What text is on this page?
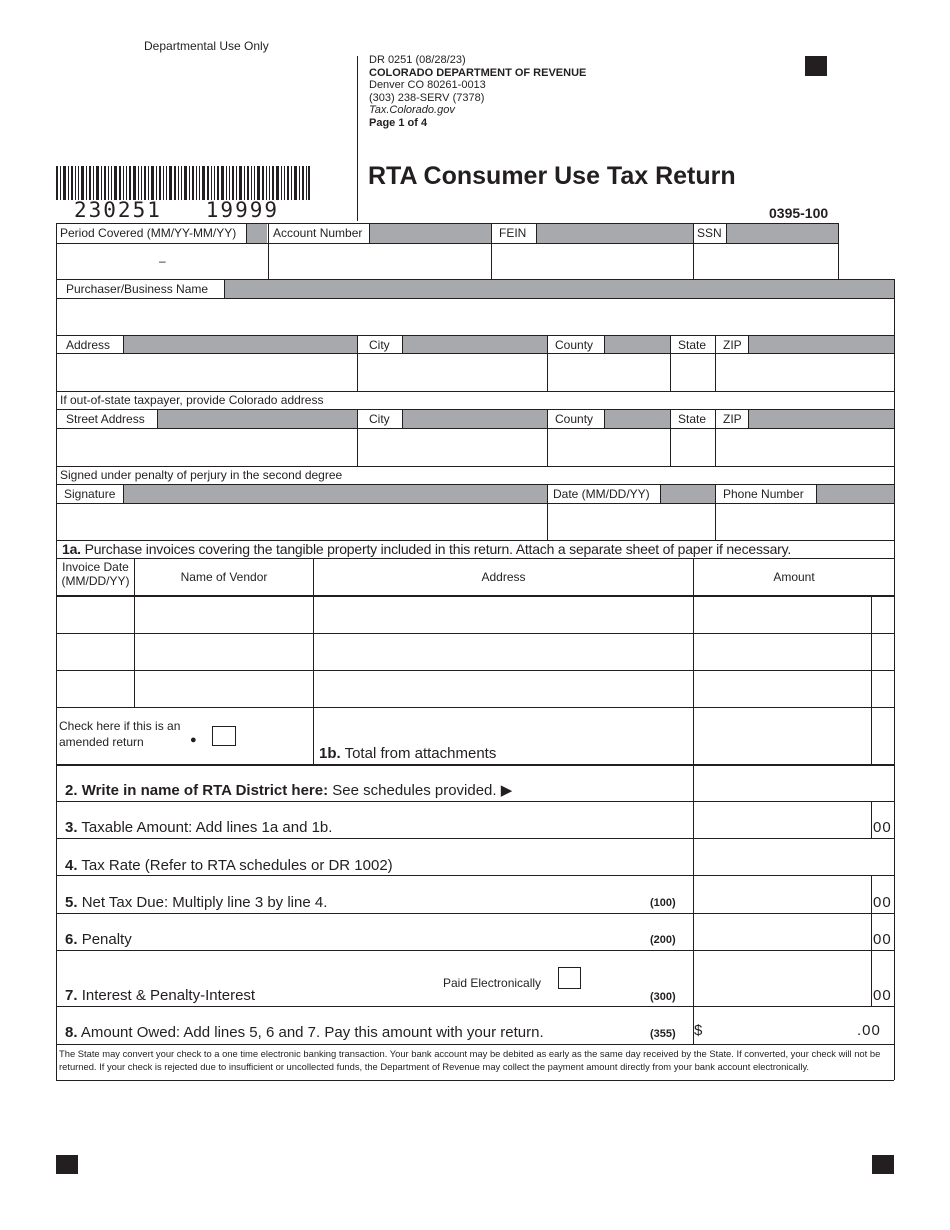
Departmental Use Only
DR 0251 (08/28/23)
COLORADO DEPARTMENT OF REVENUE
Denver CO 80261-0013
(303) 238-SERV (7378)
Tax.Colorado.gov
Page 1 of 4
230251   19999
RTA Consumer Use Tax Return
0395-100
Period Covered (MM/YY-MM/YY)	Account Number	FEIN	SSN
–
Purchaser/Business Name
Address	City	County	State ZIP
If out-of-state taxpayer, provide Colorado address
Street Address	City	County	State ZIP
Signed under penalty of perjury in the second degree
Signature	Date (MM/DD/YY)	Phone Number
1a. Purchase invoices covering the tangible property included in this return. Attach a separate sheet of paper if necessary.
Invoice Date
(MM/DD/YY)	Name of Vendor	Address	Amount
Check here if this is an
amended return	●
1b. Total from attachments
2. Write in name of RTA District here: See schedules provided. ▶
3. Taxable Amount: Add lines 1a and 1b.	00
4. Tax Rate (Refer to RTA schedules or DR 1002)
5. Net Tax Due: Multiply line 3 by line 4.	(100)	00
6. Penalty	(200)	00
Paid Electronically
7. Interest & Penalty-Interest	(300)	00
8. Amount Owed: Add lines 5, 6 and 7. Pay this amount with your return.	(355) $	.00
The State may convert your check to a one time electronic banking transaction. Your bank account may be debited as early as the same day received by the State. If converted, your check will not be returned. If your check is rejected due to insufficient or uncollected funds, the Department of Revenue may collect the payment amount directly from your bank account electronically.
